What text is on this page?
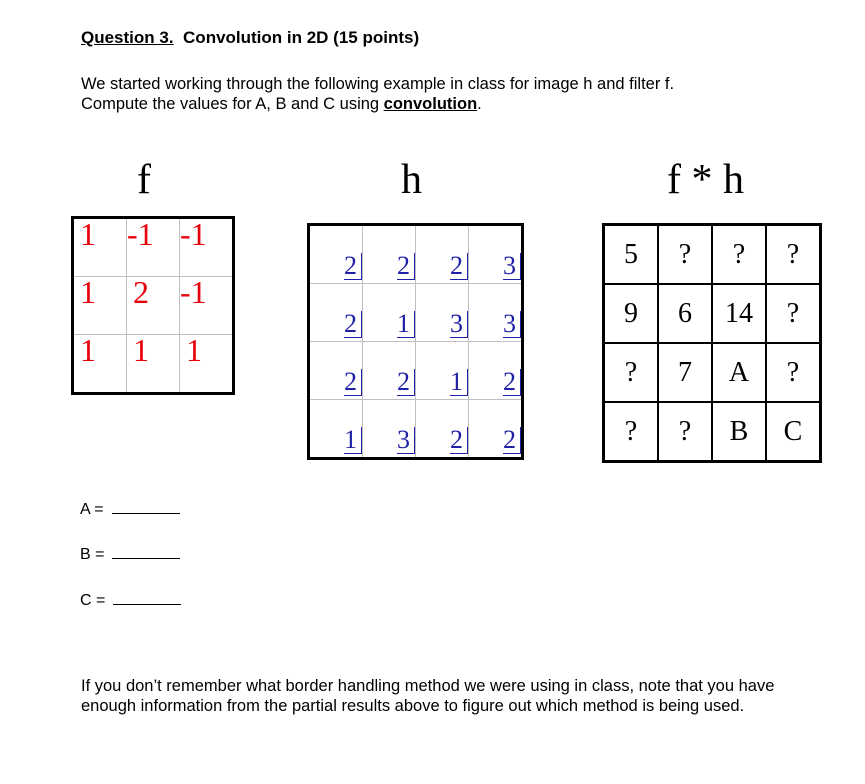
Question 3. Convolution in 2D (15 points)
We started working through the following example in class for image h and filter f.
Compute the values for A, B and C using convolution.
f	h	f * h
1	-1	-1

1	2	-1

1	1	1
2	2	2	3
2	1	3	3
2	2	1	2
1	3	2	2
5	?	?	?
9	6	14	?
?	7	A	?
?	?	B	C
A =
B =
C =
If you don’t remember what border handling method we were using in class, note that you have enough information from the partial results above to figure out which method is being used.
